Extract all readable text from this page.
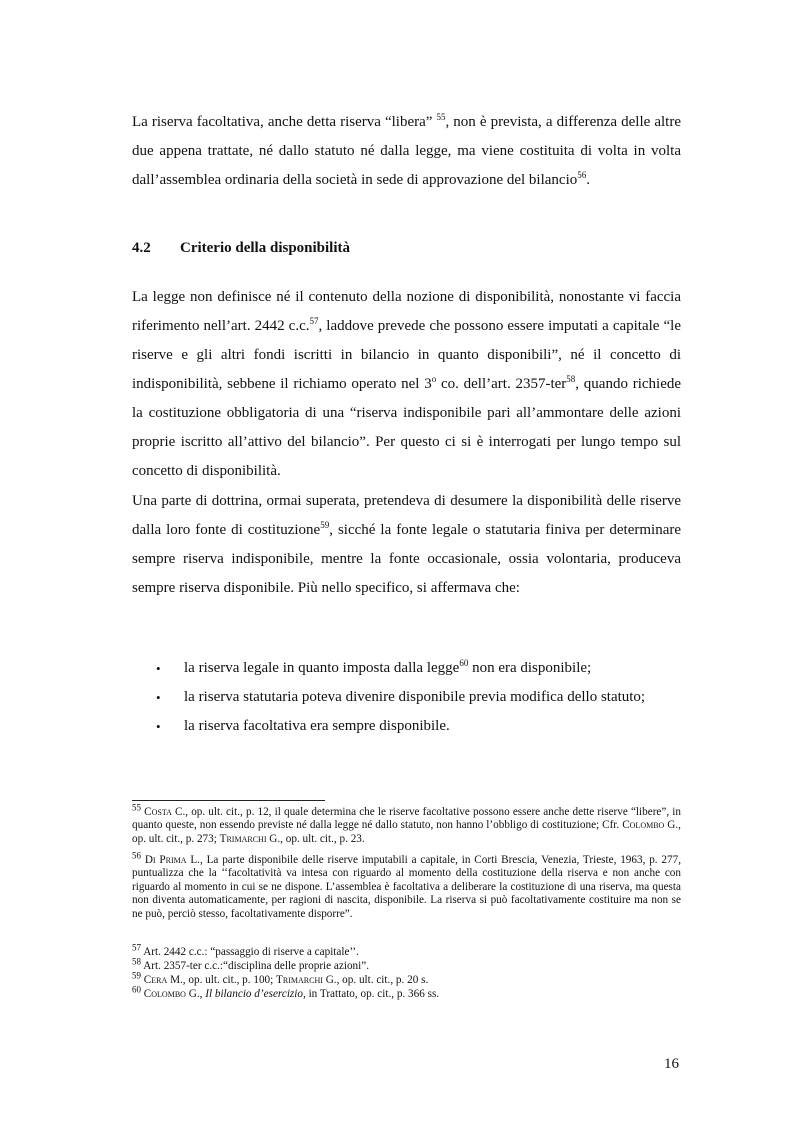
La riserva facoltativa, anche detta riserva “libera” $^{55}$, non è prevista, a differenza delle altre due appena trattate, né dallo statuto né dalla legge, ma viene costituita di volta in volta dall’assemblea ordinaria della società in sede di approvazione del bilancio$^{56}$.

4.2 Criterio della disponibilità

La legge non definisce né il contenuto della nozione di disponibilità, nonostante vi faccia riferimento nell’art. 2442 c.c.$^{57}$, laddove prevede che possono essere imputati a capitale “le riserve e gli altri fondi iscritti in bilancio in quanto disponibili”, né il concetto di indisponibilità, sebbene il richiamo operato nel 3$^o$ co. dell’art. 2357-ter$^{58}$, quando richiede la costituzione obbligatoria di una “riserva indisponibile pari all’ammontare delle azioni proprie iscritto all’attivo del bilancio”. Per questo ci si è interrogati per lungo tempo sul concetto di disponibilità.

Una parte di dottrina, ormai superata, pretendeva di desumere la disponibilità delle riserve dalla loro fonte di costituzione$^{59}$, sicché la fonte legale o statutaria finiva per determinare sempre riserva indisponibile, mentre la fonte occasionale, ossia volontaria, produceva sempre riserva disponibile. Più nello specifico, si affermava che:

• la riserva legale in quanto imposta dalla legge$^{60}$ non era disponibile;
• la riserva statutaria poteva divenire disponibile previa modifica dello statuto;
• la riserva facoltativa era sempre disponibile.

$^{55}$ Costa C., op. ult. cit., p. 12, il quale determina che le riserve facoltative possono essere anche dette riserve “libere”, in quanto queste, non essendo previste né dalla legge né dallo statuto, non hanno l’obbligo di costituzione; Cfr. Colombo G., op. ult. cit., p. 273; Trimarchi G., op. ult. cit., p. 23.

$^{56}$ Di Prima L., La parte disponibile delle riserve imputabili a capitale, in Corti Brescia, Venezia, Trieste, 1963, p. 277, puntualizza che la ‘‘facoltatività va intesa con riguardo al momento della costituzione della riserva e non anche con riguardo al momento in cui se ne dispone. L’assemblea è facoltativa a deliberare la costituzione di una riserva, ma questa non diventa automaticamente, per ragioni di nascita, disponibile. La riserva si può facoltativamente costituire ma non se ne può, perciò stesso, facoltativamente disporre”.

$^{57}$ Art. 2442 c.c.: “passaggio di riserve a capitale’’.

$^{58}$ Art. 2357-ter c.c.:“disciplina delle proprie azioni”.

$^{59}$ Cera M., op. ult. cit., p. 100; Trimarchi G., op. ult. cit., p. 20 s.

$^{60}$ Colombo G., Il bilancio d’esercizio, in Trattato, op. cit., p. 366 ss.

16
